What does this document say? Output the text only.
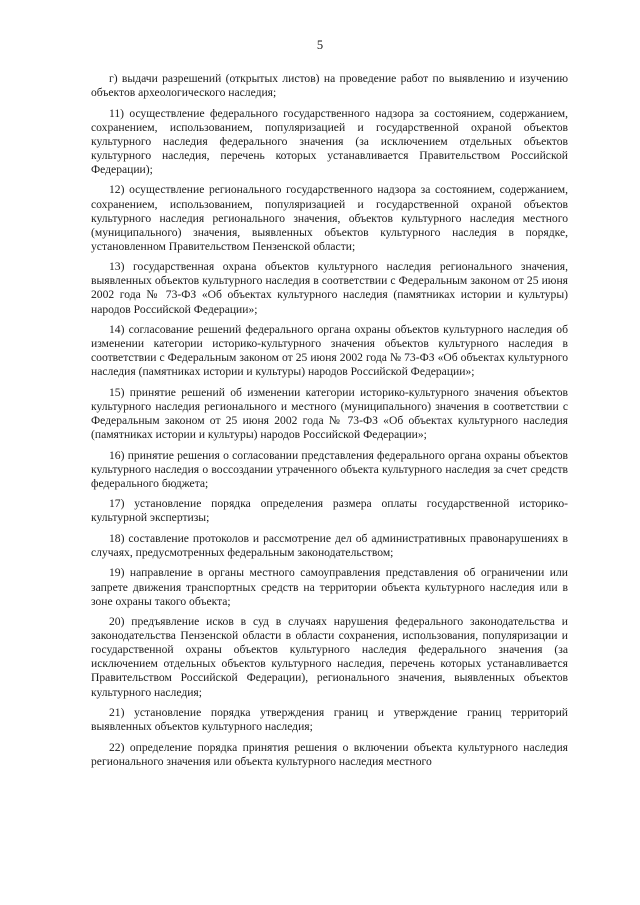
5

г) выдачи разрешений (открытых листов) на проведение работ по выявлению и изучению объектов археологического наследия;

11) осуществление федерального государственного надзора за состоянием, содержанием, сохранением, использованием, популяризацией и государственной охраной объектов культурного наследия федерального значения (за исключением отдельных объектов культурного наследия, перечень которых устанавливается Правительством Российской Федерации);

12) осуществление регионального государственного надзора за состоянием, содержанием, сохранением, использованием, популяризацией и государственной охраной объектов культурного наследия регионального значения, объектов культурного наследия местного (муниципального) значения, выявленных объектов культурного наследия в порядке, установленном Правительством Пензенской области;

13) государственная охрана объектов культурного наследия регионального значения, выявленных объектов культурного наследия в соответствии с Федеральным законом от 25 июня 2002 года № 73-ФЗ «Об объектах культурного наследия (памятниках истории и культуры) народов Российской Федерации»;

14) согласование решений федерального органа охраны объектов культурного наследия об изменении категории историко-культурного значения объектов культурного наследия в соответствии с Федеральным законом от 25 июня 2002 года № 73-ФЗ «Об объектах культурного наследия (памятниках истории и культуры) народов Российской Федерации»;

15) принятие решений об изменении категории историко-культурного значения объектов культурного наследия регионального и местного (муниципального) значения в соответствии с Федеральным законом от 25 июня 2002 года № 73-ФЗ «Об объектах культурного наследия (памятниках истории и культуры) народов Российской Федерации»;

16) принятие решения о согласовании представления федерального органа охраны объектов культурного наследия о воссоздании утраченного объекта культурного наследия за счет средств федерального бюджета;

17) установление порядка определения размера оплаты государственной историко-культурной экспертизы;

18) составление протоколов и рассмотрение дел об административных правонарушениях в случаях, предусмотренных федеральным законодательством;

19) направление в органы местного самоуправления представления об ограничении или запрете движения транспортных средств на территории объекта культурного наследия или в зоне охраны такого объекта;

20) предъявление исков в суд в случаях нарушения федерального законодательства и законодательства Пензенской области в области сохранения, использования, популяризации и государственной охраны объектов культурного наследия федерального значения (за исключением отдельных объектов культурного наследия, перечень которых устанавливается Правительством Российской Федерации), регионального значения, выявленных объектов культурного наследия;

21) установление порядка утверждения границ и утверждение границ территорий выявленных объектов культурного наследия;

22) определение порядка принятия решения о включении объекта культурного наследия регионального значения или объекта культурного наследия местного
